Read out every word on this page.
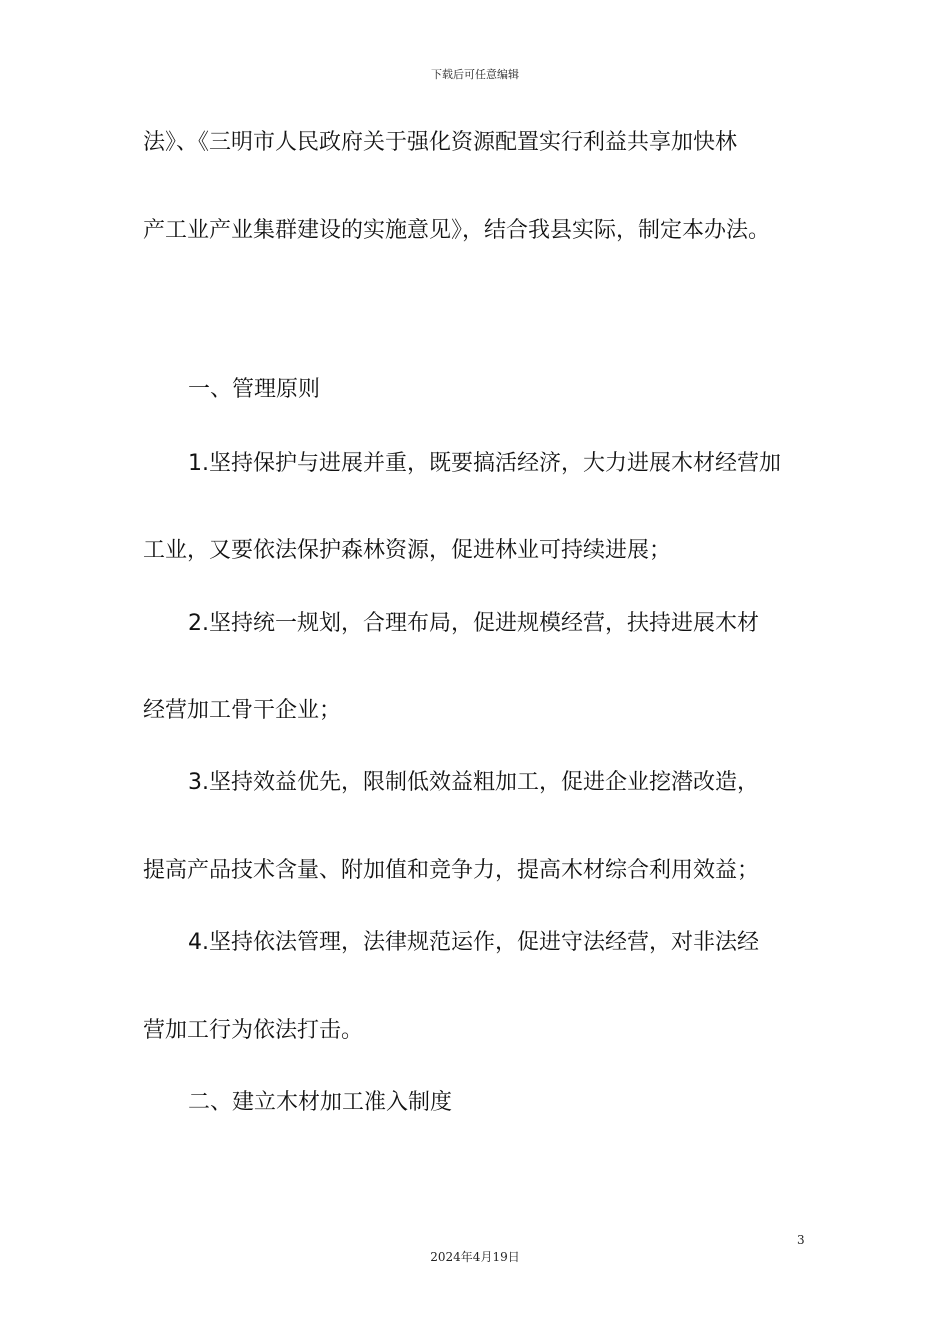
下载后可任意编辑
法》、《三明市人民政府关于强化资源配置实行利益共享加快林
产工业产业集群建设的实施意见》，结合我县实际，制定本办法。
一、管理原则
1.坚持保护与进展并重，既要搞活经济，大力进展木材经营加
工业，又要依法保护森林资源，促进林业可持续进展；
2.坚持统一规划，合理布局，促进规模经营，扶持进展木材
经营加工骨干企业；
3.坚持效益优先，限制低效益粗加工，促进企业挖潜改造，
提高产品技术含量、附加值和竞争力，提高木材综合利用效益；
4.坚持依法管理，法律规范运作，促进守法经营，对非法经
营加工行为依法打击。
二、建立木材加工准入制度
3
2024年4月19日
